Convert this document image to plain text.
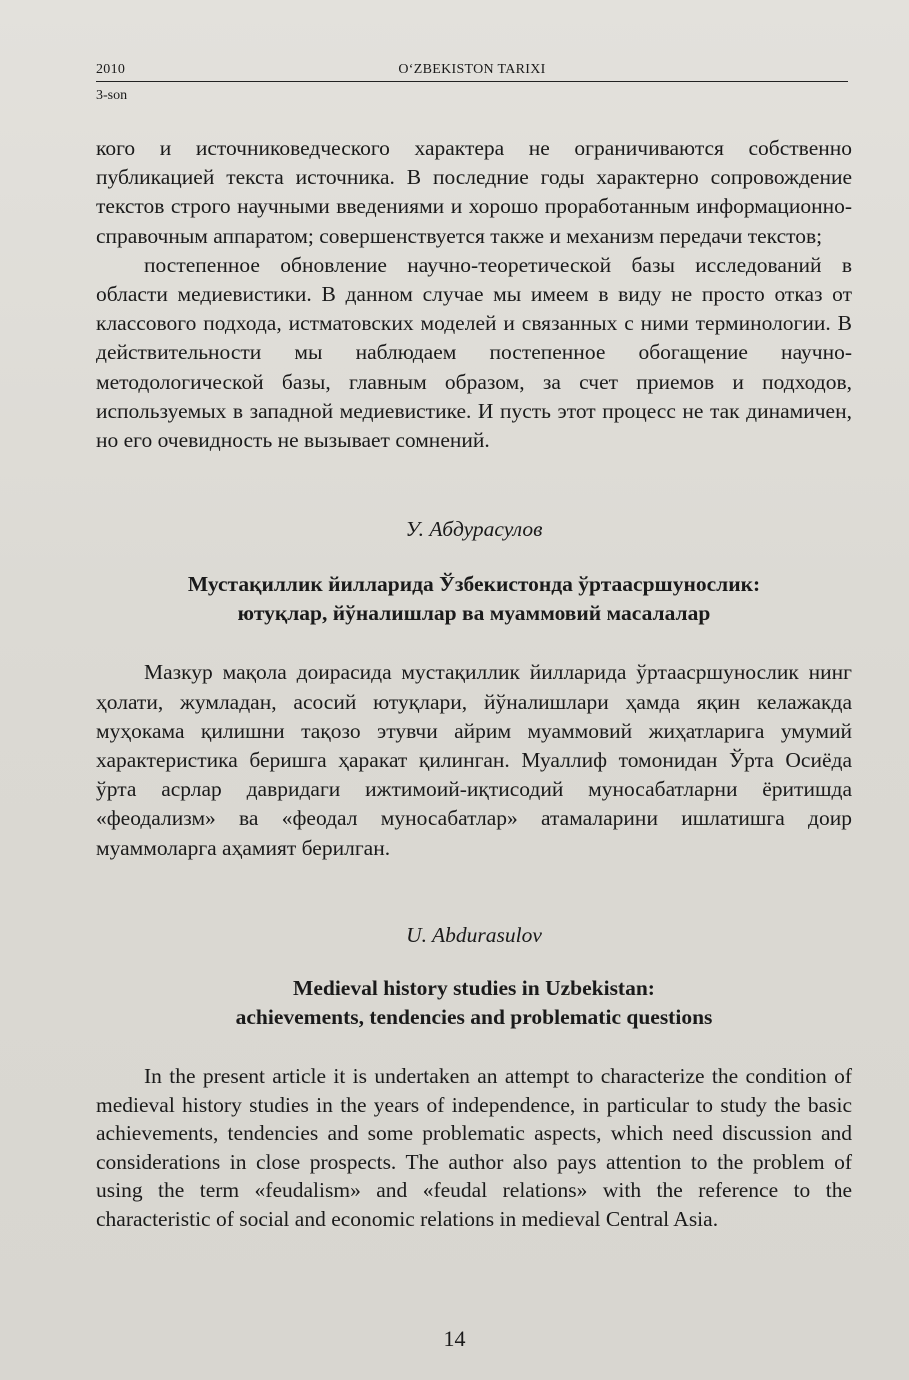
2010	O‘ZBEKISTON TARIXI
3-son

кого и источниковедческого характера не ограничиваются собственно публикацией текста источника. В последние годы характерно сопровождение текстов строго научными введениями и хорошо проработанным информационно-справочным аппаратом; совершенствуется также и механизм передачи текстов;

постепенное обновление научно-теоретической базы исследований в области медиевистики. В данном случае мы имеем в виду не просто отказ от классового подхода, истматовских моделей и связанных с ними терминологии. В действительности мы наблюдаем постепенное обогащение научно-методологической базы, главным образом, за счет приемов и подходов, используемых в западной медиевистике. И пусть этот процесс не так динамичен, но его очевидность не вызывает сомнений.

У. Абдурасулов
Мустақиллик йилларида Ўзбекистонда ўртаасршунослик:
ютуқлар, йўналишлар ва муаммовий масалалар

Мазкур мақола доирасида мустақиллик йилларида ўртаасршунослик нинг ҳолати, жумладан, асосий ютуқлари, йўналишлари ҳамда яқин келажакда муҳокама қилишни тақозо этувчи айрим муаммовий жиҳатларига умумий характеристика беришга ҳаракат қилинган. Муаллиф томонидан Ўрта Осиёда ўрта асрлар давридаги ижтимоий-иқтисодий муносабатларни ёритишда «феодализм» ва «феодал муносабатлар» атамаларини ишлатишга доир муаммоларга аҳамият берилган.

U. Abdurasulov
Medieval history studies in Uzbekistan:
achievements, tendencies and problematic questions

In the present article it is undertaken an attempt to characterize the condition of medieval history studies in the years of independence, in particular to study the basic achievements, tendencies and some problematic aspects, which need discussion and considerations in close prospects. The author also pays attention to the problem of using the term «feudalism» and «feudal relations» with the reference to the characteristic of social and economic relations in medieval Central Asia.

14
